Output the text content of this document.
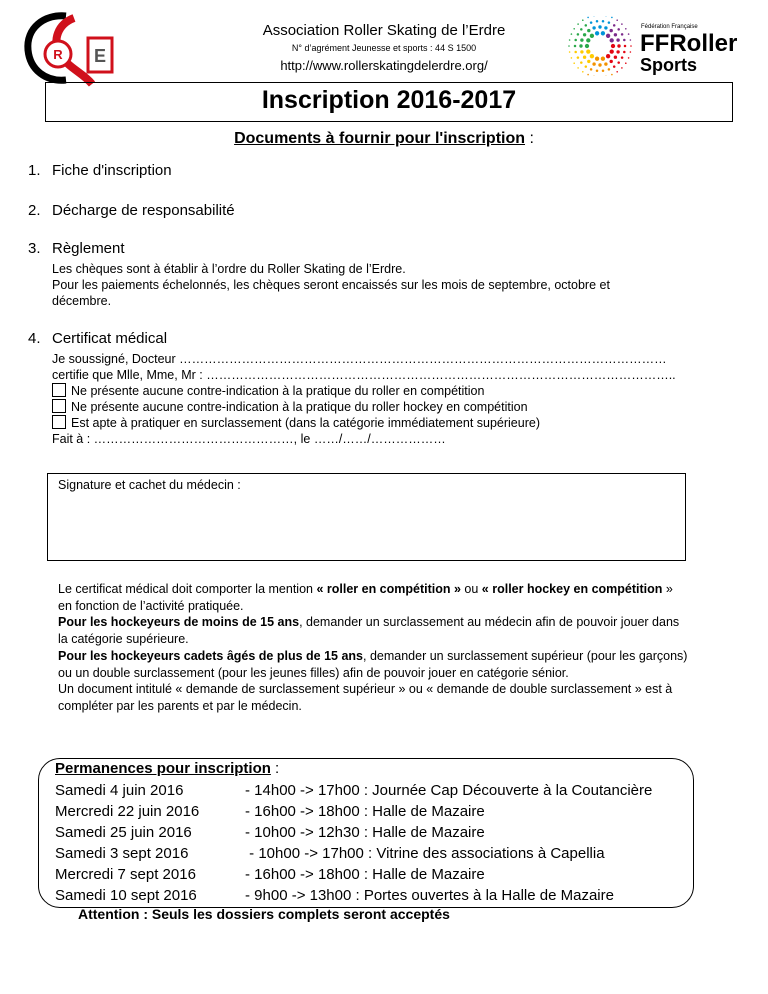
R E
Association Roller Skating de l’Erdre
N° d’agrément Jeunesse et sports : 44 S 1500
http://www.rollerskatingdelerdre.org/
Fédération Française
FFRoller
Sports
Inscription 2016-2017
Documents à fournir pour l'inscription :
1. Fiche d'inscription
2. Décharge de responsabilité
3. Règlement
Les chèques sont à établir à l’ordre du Roller Skating de l’Erdre.
Pour les paiements échelonnés, les chèques seront encaissés sur les mois de septembre, octobre et
décembre.
4. Certificat médical
Je soussigné, Docteur ………………………………………………………………………………………………………
certifie que Mlle, Mme, Mr : …………………………………………………………………………………………………..
Ne présente aucune contre-indication à la pratique du roller en compétition
Ne présente aucune contre-indication à la pratique du roller hockey en compétition
Est apte à pratiquer en surclassement (dans la catégorie immédiatement supérieure)
Fait à : …………………………………………, le ……/……/………………
Signature et cachet du médecin :
Le certificat médical doit comporter la mention « roller en compétition » ou « roller hockey en compétition » en fonction de l’activité pratiquée.
Pour les hockeyeurs de moins de 15 ans, demander un surclassement au médecin afin de pouvoir jouer dans la catégorie supérieure.
Pour les hockeyeurs cadets âgés de plus de 15 ans, demander un surclassement supérieur (pour les garçons) ou un double surclassement (pour les jeunes filles) afin de pouvoir jouer en catégorie sénior.
Un document intitulé « demande de surclassement supérieur » ou « demande de double surclassement » est à compléter par les parents et par le médecin.
Permanences pour inscription :
Samedi 4 juin 2016	- 14h00 -> 17h00 : Journée Cap Découverte à la Coutancière
Mercredi 22 juin 2016	- 16h00 -> 18h00 : Halle de Mazaire
Samedi 25 juin 2016	- 10h00 -> 12h30 : Halle de Mazaire
Samedi 3 sept 2016	- 10h00 -> 17h00 : Vitrine des associations à Capellia
Mercredi 7 sept 2016	- 16h00 -> 18h00 : Halle de Mazaire
Samedi 10 sept 2016	- 9h00 -> 13h00 : Portes ouvertes à la Halle de Mazaire
Attention : Seuls les dossiers complets seront acceptés
